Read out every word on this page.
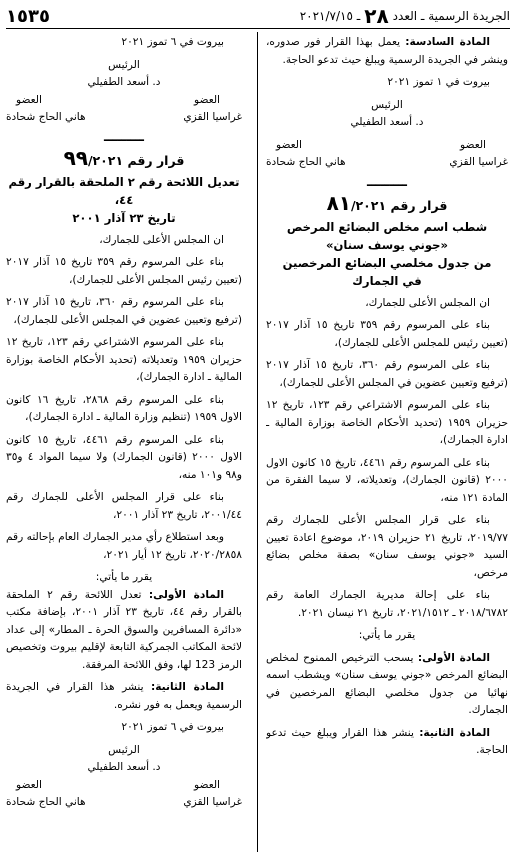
الجريدة الرسمية ـ العدد
٢٨
ـ ٢٠٢١/٧/١٥
١٥٣٥

المادة السادسة: يعمل بهذا القرار فور صدوره، وينشر في الجريدة الرسمية ويبلغ حيث تدعو الحاجة.

بيروت في ١ تموز ٢٠٢١

الرئيس

د. أسعد الطفيلي

العضو
العضو
غراسيا القزي
هاني الحاج شحادة
ـــــــــ
قرار رقم ٨١/٢٠٢١
شطب اسم مخلص البضائع المرخص
«جوني يوسف سنان»
من جدول مخلصي البضائع المرخصين
في الجمارك

ان المجلس الأعلى للجمارك،

بناء على المرسوم رقم ٣٥٩ تاريخ ١٥ آذار ٢٠١٧ (تعيين رئيس للمجلس الأعلى للجمارك)،

بناء على المرسوم رقم ٣٦٠، تاريخ ١٥ آذار ٢٠١٧ (ترفيع وتعيين عضوين في المجلس الأعلى للجمارك)،

بناء على المرسوم الاشتراعي رقم ١٢٣، تاريخ ١٢ حزيران ١٩٥٩ (تحديد الأحكام الخاصة بوزارة المالية ـ ادارة الجمارك)،

بناء على المرسوم رقم ٤٤٦١، تاريخ ١٥ كانون الاول ٢٠٠٠ (قانون الجمارك)، وتعديلاته، لا سيما الفقرة من المادة ١٢١ منه،

بناء على قرار المجلس الأعلى للجمارك رقم ٢٠١٩/٧٧، تاريخ ٢١ حزيران ٢٠١٩، موضوع اعادة تعيين السيد «جوني يوسف سنان» بصفة مخلص بضائع مرخص،

بناء على إحالة مديرية الجمارك العامة رقم ٢٠١٨/٦٧٨٢ ـ ٢٠٢١/١٥١٢، تاريخ ٢١ نيسان ٢٠٢١.

يقرر ما يأتي:

المادة الأولى: يسحب الترخيص الممنوح لمخلص البضائع المرخص «جوني يوسف سنان» ويشطب اسمه نهائيا من جدول مخلصي البضائع المرخصين في الجمارك.

المادة الثانية: ينشر هذا القرار ويبلغ حيث تدعو الحاجة.

بيروت في ٦ تموز ٢٠٢١

الرئيس

د. أسعد الطفيلي

العضو
العضو
غراسيا القزي
هاني الحاج شحادة
ـــــــــ
قرار رقم ٩٩/٢٠٢١
تعديل اللائحة رقم ٢ الملحقة بالقرار رقم ٤٤،
تاريخ ٢٣ آذار ٢٠٠١

ان المجلس الأعلى للجمارك،

بناء على المرسوم رقم ٣٥٩ تاريخ ١٥ آذار ٢٠١٧ (تعيين رئيس المجلس الأعلى للجمارك)،

بناء على المرسوم رقم ٣٦٠، تاريخ ١٥ آذار ٢٠١٧ (ترفيع وتعيين عضوين في المجلس الأعلى للجمارك)،

بناء على المرسوم الاشتراعي رقم ١٢٣، تاريخ ١٢ حزيران ١٩٥٩ وتعديلاته (تحديد الأحكام الخاصة بوزارة المالية ـ ادارة الجمارك)،

بناء على المرسوم رقم ٢٨٦٨، تاريخ ١٦ كانون الاول ١٩٥٩ (تنظيم وزارة المالية ـ ادارة الجمارك)،

بناء على المرسوم رقم ٤٤٦١، تاريخ ١٥ كانون الاول ٢٠٠٠ (قانون الجمارك) ولا سيما المواد ٤ و٣٥ و٩٨ و١٠١ منه،

بناء على قرار المجلس الأعلى للجمارك رقم ٢٠٠١/٤٤، تاريخ ٢٣ آذار ٢٠٠١،

وبعد استطلاع رأي مدير الجمارك العام بإحالته رقم ٢٠٢٠/٢٨٥٨، تاريخ ١٢ أيار ٢٠٢١،

يقرر ما يأتي:

المادة الأولى: تعدل اللائحة رقم ٢ الملحقة بالقرار رقم ٤٤، تاريخ ٢٣ آذار ٢٠٠١، بإضافة مكتب «دائرة المسافرين والسوق الحرة ـ المطار» إلى عداد لائحة المكاتب الجمركية التابعة لإقليم بيروت وتخصيص الرمز 123 لها، وفق اللائحة المرفقة.

المادة الثانية: ينشر هذا القرار في الجريدة الرسمية ويعمل به فور نشره.

بيروت في ٦ تموز ٢٠٢١

الرئيس

د. أسعد الطفيلي

العضو
العضو
غراسيا القزي
هاني الحاج شحادة
